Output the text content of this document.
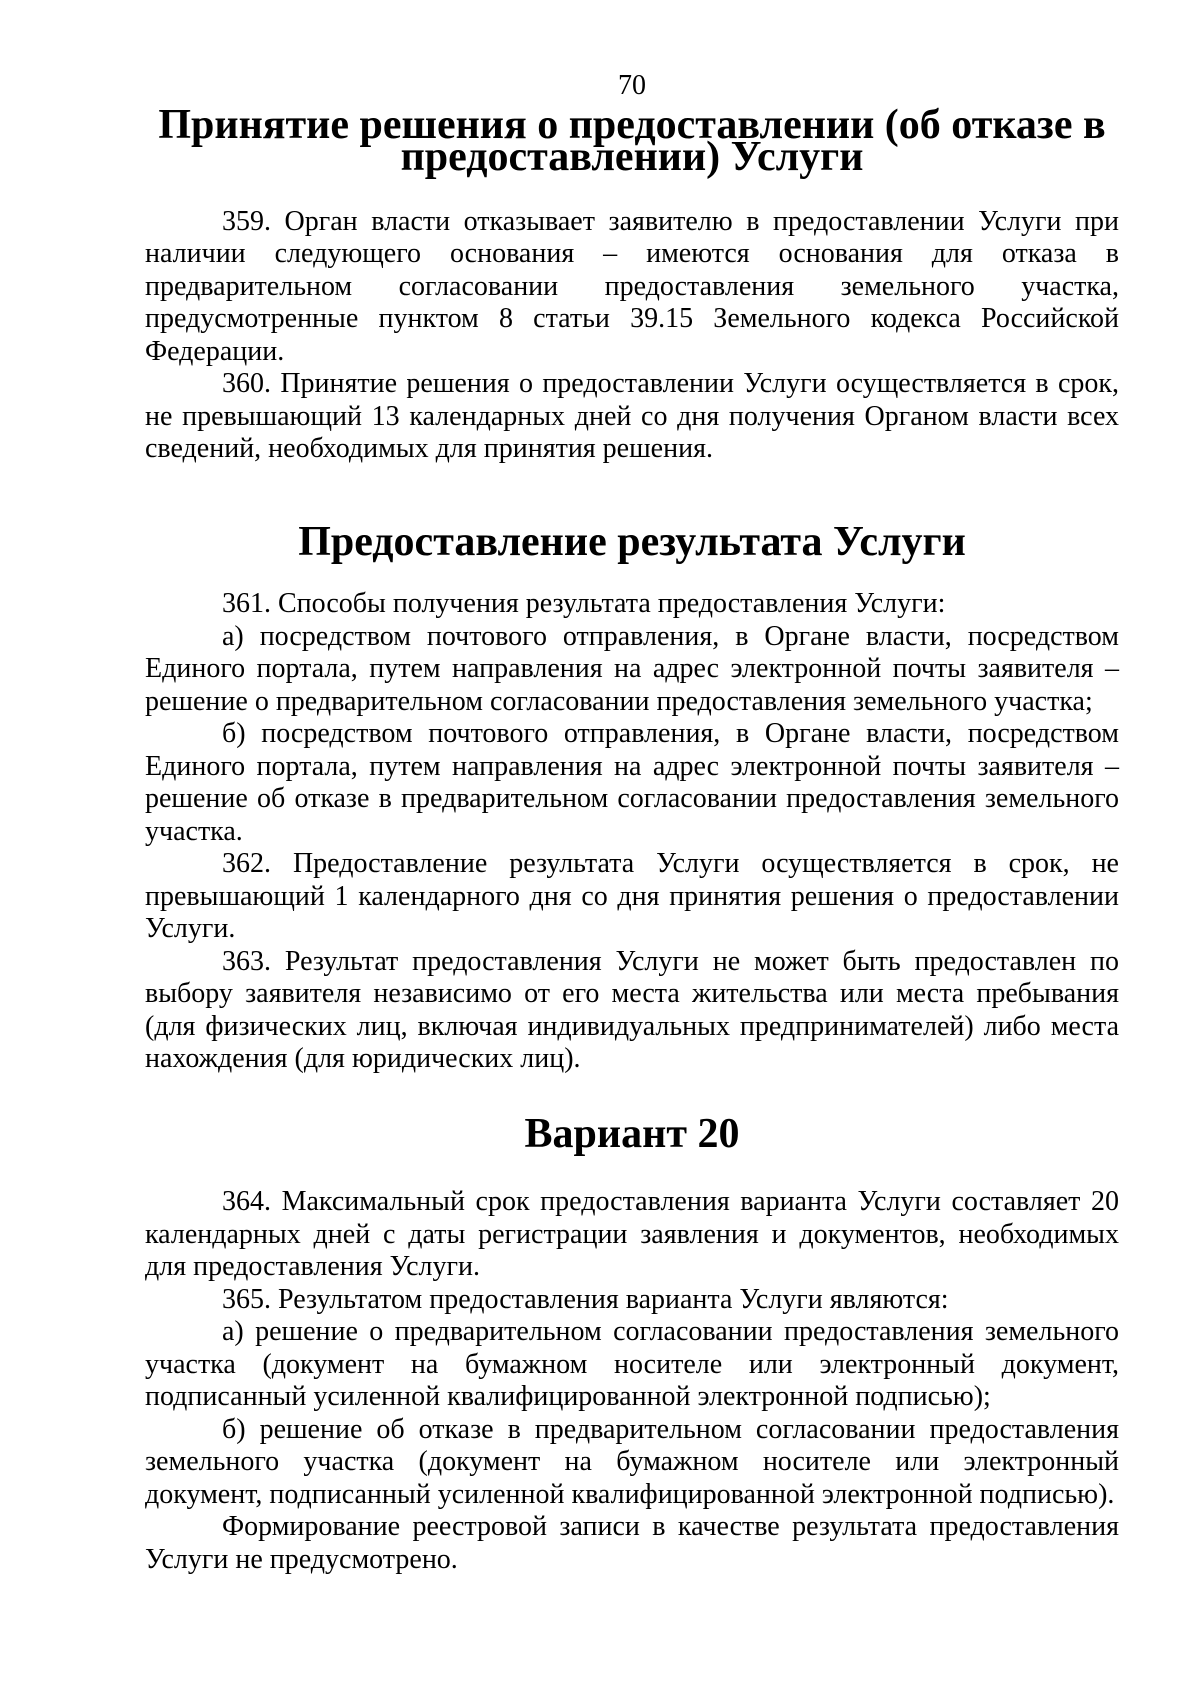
70

Принятие решения о предоставлении (об отказе в предоставлении) Услуги

359. Орган власти отказывает заявителю в предоставлении Услуги при наличии следующего основания – имеются основания для отказа в предварительном согласовании предоставления земельного участка, предусмотренные пунктом 8 статьи 39.15 Земельного кодекса Российской Федерации.

360. Принятие решения о предоставлении Услуги осуществляется в срок, не превышающий 13 календарных дней со дня получения Органом власти всех сведений, необходимых для принятия решения.

Предоставление результата Услуги

361. Способы получения результата предоставления Услуги:

а) посредством почтового отправления, в Органе власти, посредством Единого портала, путем направления на адрес электронной почты заявителя – решение о предварительном согласовании предоставления земельного участка;

б) посредством почтового отправления, в Органе власти, посредством Единого портала, путем направления на адрес электронной почты заявителя – решение об отказе в предварительном согласовании предоставления земельного участка.

362. Предоставление результата Услуги осуществляется в срок, не превышающий 1 календарного дня со дня принятия решения о предоставлении Услуги.

363. Результат предоставления Услуги не может быть предоставлен по выбору заявителя независимо от его места жительства или места пребывания (для физических лиц, включая индивидуальных предпринимателей) либо места нахождения (для юридических лиц).

Вариант 20

364. Максимальный срок предоставления варианта Услуги составляет 20 календарных дней с даты регистрации заявления и документов, необходимых для предоставления Услуги.

365. Результатом предоставления варианта Услуги являются:

а) решение о предварительном согласовании предоставления земельного участка (документ на бумажном носителе или электронный документ, подписанный усиленной квалифицированной электронной подписью);

б) решение об отказе в предварительном согласовании предоставления земельного участка (документ на бумажном носителе или электронный документ, подписанный усиленной квалифицированной электронной подписью).

Формирование реестровой записи в качестве результата предоставления Услуги не предусмотрено.
